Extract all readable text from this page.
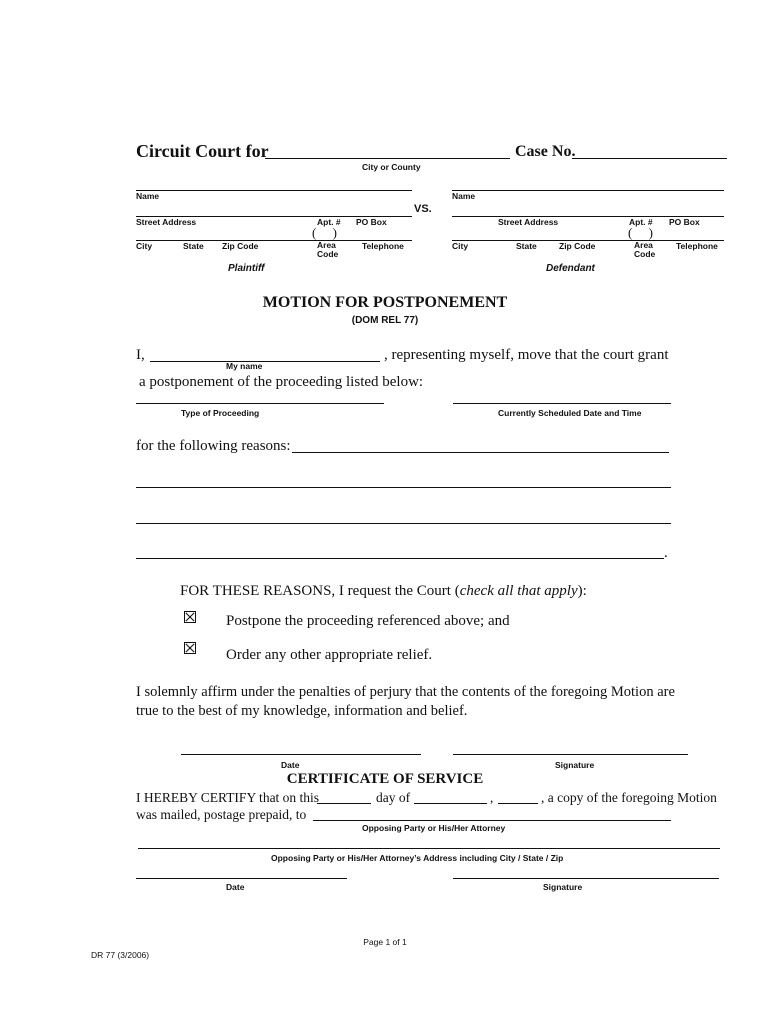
Circuit Court for	Case No.
City or County
Name
Street Address	Apt. # PO Box
(     )
City	State Zip Code	Area
Code
Telephone
Plaintiff
VS.
Name
Street Address	Apt. # PO Box
(     )
City	State	Zip Code	Area
Code
Telephone
Defendant
MOTION FOR POSTPONEMENT
(DOM REL 77)
I,
My name
, representing myself, move that the court grant
a postponement of the proceeding listed below:
Type of Proceeding	Currently Scheduled Date and Time
for the following reasons:
.
FOR THESE REASONS, I request the Court (check all that apply):
Postpone the proceeding referenced above; and
Order any other appropriate relief.
I solemnly affirm under the penalties of perjury that the contents of the foregoing Motion are
true to the best of my knowledge, information and belief.
Date	Signature
CERTIFICATE OF SERVICE
I HEREBY CERTIFY that on this	day of	,	, a copy of the foregoing Motion
was mailed, postage prepaid, to
Opposing Party or His/Her Attorney
Opposing Party or His/Her Attorney’s Address including City / State / Zip
Date	Signature
Page 1 of 1
DR 77 (3/2006)
